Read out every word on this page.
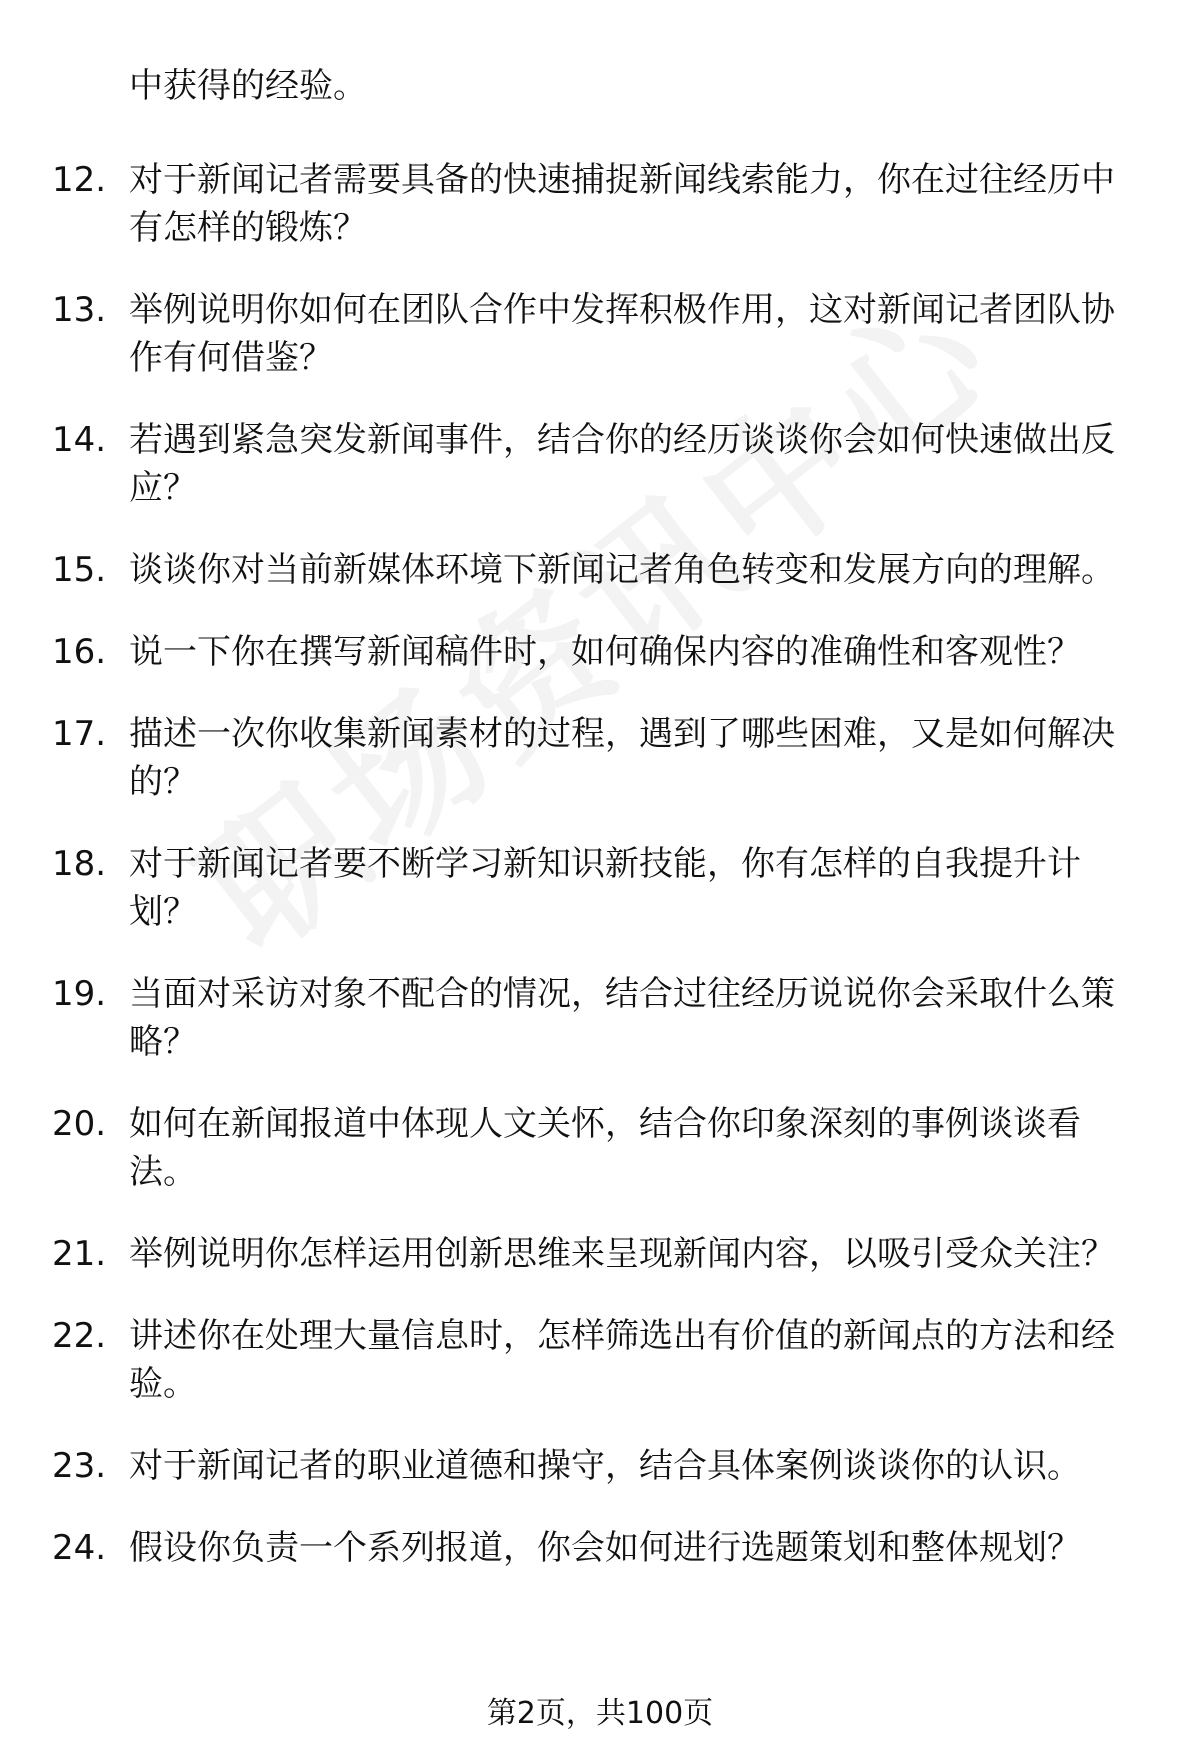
中获得的经验。
12. 对于新闻记者需要具备的快速捕捉新闻线索能力，你在过往经历中有怎样的锻炼？
13. 举例说明你如何在团队合作中发挥积极作用，这对新闻记者团队协作有何借鉴？
14. 若遇到紧急突发新闻事件，结合你的经历谈谈你会如何快速做出反应？
15. 谈谈你对当前新媒体环境下新闻记者角色转变和发展方向的理解。
16. 说一下你在撰写新闻稿件时，如何确保内容的准确性和客观性？
17. 描述一次你收集新闻素材的过程，遇到了哪些困难，又是如何解决的？
18. 对于新闻记者要不断学习新知识新技能，你有怎样的自我提升计划？
19. 当面对采访对象不配合的情况，结合过往经历说说你会采取什么策略？
20. 如何在新闻报道中体现人文关怀，结合你印象深刻的事例谈谈看法。
21. 举例说明你怎样运用创新思维来呈现新闻内容，以吸引受众关注？
22. 讲述你在处理大量信息时，怎样筛选出有价值的新闻点的方法和经验。
23. 对于新闻记者的职业道德和操守，结合具体案例谈谈你的认识。
24. 假设你负责一个系列报道，你会如何进行选题策划和整体规划？
第2页，共100页
